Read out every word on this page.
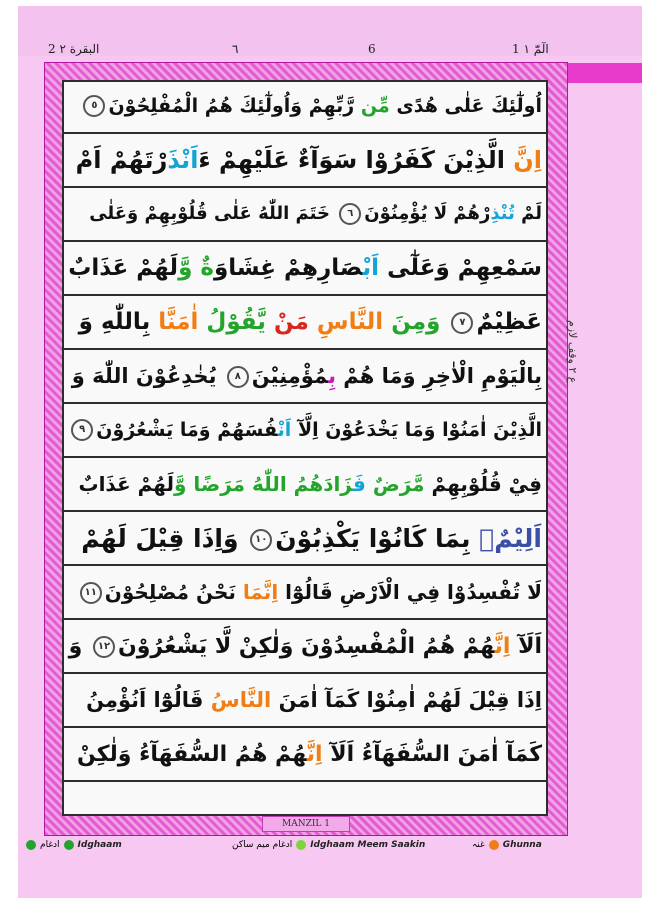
2 البقرة ٢	٦	6	1 الٓمّٓ ١
اُولٰٓئِكَ عَلٰى هُدًى مِّن رَّبِّهِمْ وَاُولٰٓئِكَ هُمُ الْمُفْلِحُوْنَ٥
اِنَّ الَّذِيْنَ كَفَرُوْا سَوَآءٌ عَلَيْهِمْ ءَاَنْذَرْتَهُمْ اَمْ
لَمْ تُنْذِرْهُمْ لَا يُؤْمِنُوْنَ٦ خَتَمَ اللّٰهُ عَلٰى قُلُوْبِهِمْ وَعَلٰى
سَمْعِهِمْ وَعَلٰٓى اَبْصَارِهِمْ غِشَاوَةٌ وَّلَهُمْ عَذَابٌ
عَظِيْمٌ٧ وَمِنَ النَّاسِ مَنْ يَّقُوْلُ اٰمَنَّا بِاللّٰهِ وَ
بِالْيَوْمِ الْاٰخِرِ وَمَا هُمْ بِمُؤْمِنِيْنَ٨ يُخٰدِعُوْنَ اللّٰهَ وَ
الَّذِيْنَ اٰمَنُوْا وَمَا يَخْدَعُوْنَ اِلَّآ اَنْفُسَهُمْ وَمَا يَشْعُرُوْنَ٩
فِيْ قُلُوْبِهِمْ مَّرَضٌ فَزَادَهُمُ اللّٰهُ مَرَضًا وَّلَهُمْ عَذَابٌ
اَلِيْمٌۢ بِمَا كَانُوْا يَكْذِبُوْنَ١٠ وَاِذَا قِيْلَ لَهُمْ
لَا تُفْسِدُوْا فِي الْاَرْضِ قَالُوْٓا اِنَّمَا نَحْنُ مُصْلِحُوْنَ١١
اَلَآ اِنَّهُمْ هُمُ الْمُفْسِدُوْنَ وَلٰكِنْ لَّا يَشْعُرُوْنَ١٢ وَ
اِذَا قِيْلَ لَهُمْ اٰمِنُوْا كَمَآ اٰمَنَ النَّاسُ قَالُوْٓا اَنُؤْمِنُ
كَمَآ اٰمَنَ السُّفَهَآءُ اَلَآ اِنَّهُمْ هُمُ السُّفَهَآءُ وَلٰكِنْ
ع ٢ وقف لازم
MANZIL 1
ادغام Idghaam	ادغام میم ساکن Idghaam Meem Saakin	غنہ Ghunna
